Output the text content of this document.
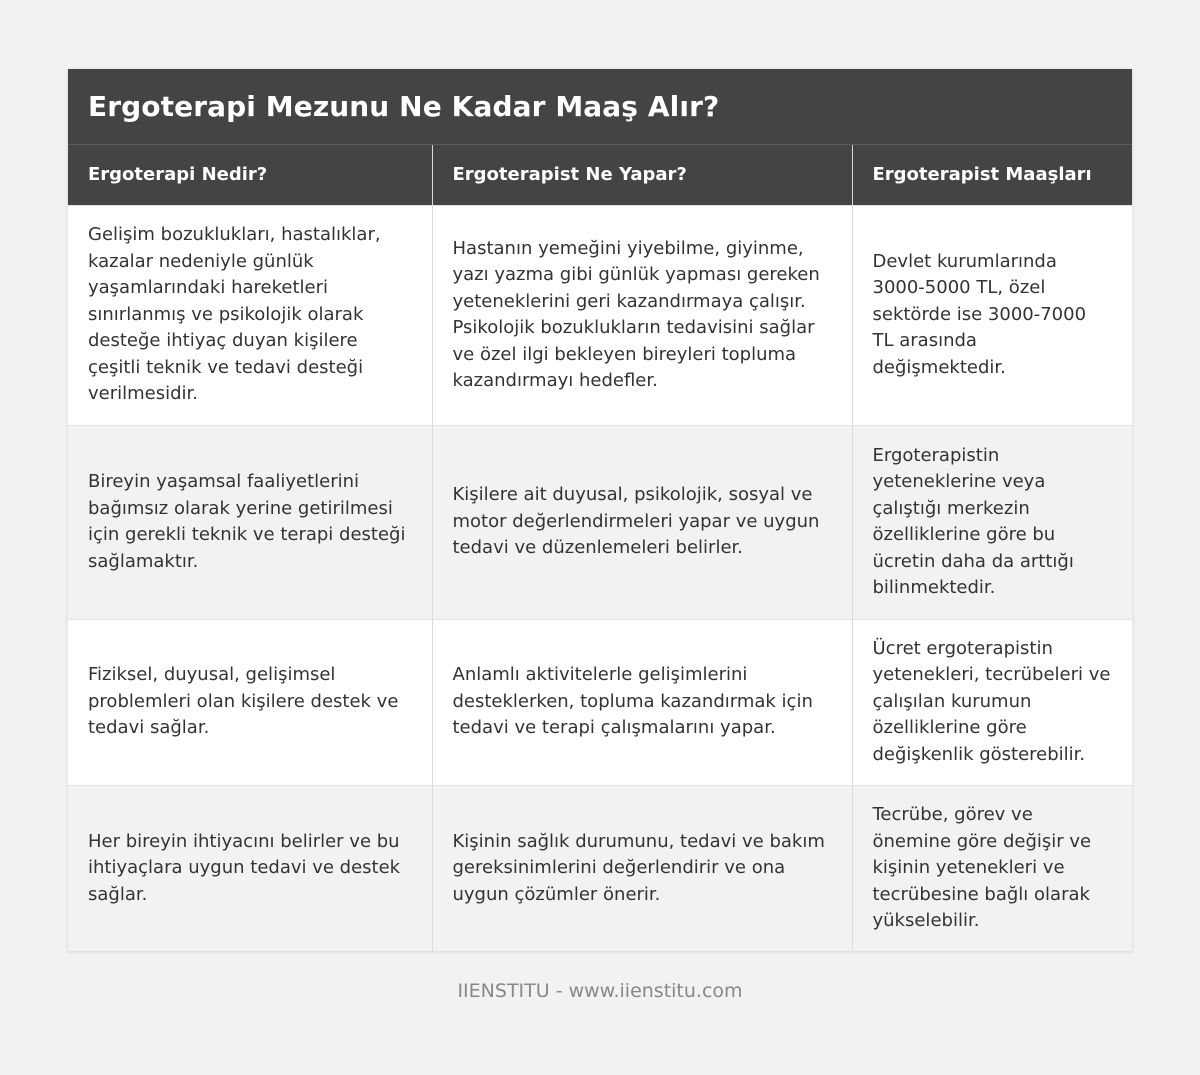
Ergoterapi Mezunu Ne Kadar Maaş Alır?
Ergoterapi Nedir?	Ergoterapist Ne Yapar?	Ergoterapist Maaşları
Gelişim bozuklukları, hastalıklar, kazalar nedeniyle günlük yaşamlarındaki hareketleri sınırlanmış ve psikolojik olarak desteğe ihtiyaç duyan kişilere çeşitli teknik ve tedavi desteği verilmesidir.	Hastanın yemeğini yiyebilme, giyinme, yazı yazma gibi günlük yapması gereken yeteneklerini geri kazandırmaya çalışır. Psikolojik bozuklukların tedavisini sağlar ve özel ilgi bekleyen bireyleri topluma kazandırmayı hedefler.	Devlet kurumlarında 3000-5000 TL, özel sektörde ise 3000-7000 TL arasında değişmektedir.
Bireyin yaşamsal faaliyetlerini bağımsız olarak yerine getirilmesi için gerekli teknik ve terapi desteği sağlamaktır.	Kişilere ait duyusal, psikolojik, sosyal ve motor değerlendirmeleri yapar ve uygun tedavi ve düzenlemeleri belirler.	Ergoterapistin yeteneklerine veya çalıştığı merkezin özelliklerine göre bu ücretin daha da arttığı bilinmektedir.
Fiziksel, duyusal, gelişimsel problemleri olan kişilere destek ve tedavi sağlar.	Anlamlı aktivitelerle gelişimlerini desteklerken, topluma kazandırmak için tedavi ve terapi çalışmalarını yapar.	Ücret ergoterapistin yetenekleri, tecrübeleri ve çalışılan kurumun özelliklerine göre değişkenlik gösterebilir.
Her bireyin ihtiyacını belirler ve bu ihtiyaçlara uygun tedavi ve destek sağlar.	Kişinin sağlık durumunu, tedavi ve bakım gereksinimlerini değerlendirir ve ona uygun çözümler önerir.	Tecrübe, görev ve önemine göre değişir ve kişinin yetenekleri ve tecrübesine bağlı olarak yükselebilir.
IIENSTITU - www.iienstitu.com
